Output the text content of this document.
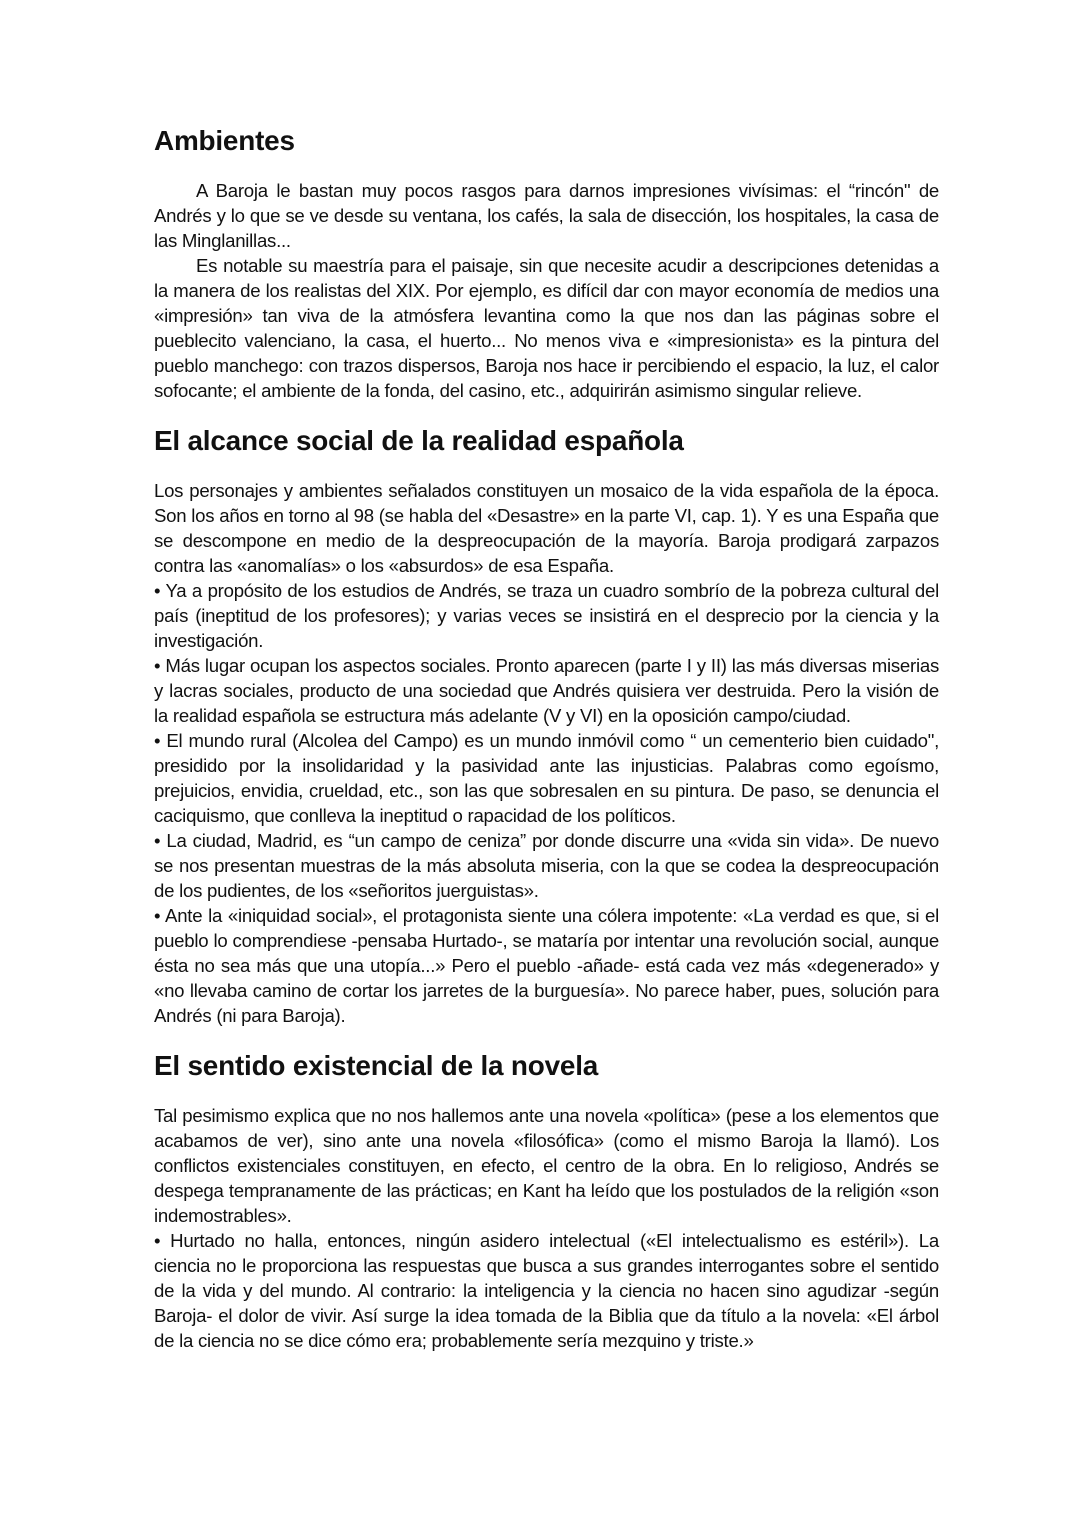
Ambientes

A Baroja le bastan muy pocos rasgos para darnos impresiones vivísimas: el “rincón" de Andrés y lo que se ve desde su ventana, los cafés, la sala de disección, los hospitales, la casa de las Minglanillas...

Es notable su maestría para el paisaje, sin que necesite acudir a descripciones detenidas a la manera de los realistas del XIX. Por ejemplo, es difícil dar con mayor economía de medios una «impresión» tan viva de la atmósfera levantina como la que nos dan las páginas sobre el pueblecito valenciano, la casa, el huerto... No menos viva e «impresionista» es la pintura del pueblo manchego: con trazos dispersos, Baroja nos hace ir percibiendo el espacio, la luz, el calor sofocante; el ambiente de la fonda, del casino, etc., adquirirán asimismo singular relieve.

El alcance social de la realidad española

Los personajes y ambientes señalados constituyen un mosaico de la vida española de la época. Son los años en torno al 98 (se habla del «Desastre» en la parte VI, cap. 1). Y es una España que se descompone en medio de la despreocupación de la mayoría. Baroja prodigará zarpazos contra las «anomalías» o los «absurdos» de esa España.

• Ya a propósito de los estudios de Andrés, se traza un cuadro sombrío de la pobreza cultural del país (ineptitud de los profesores); y varias veces se insistirá en el desprecio por la ciencia y la investigación.

• Más lugar ocupan los aspectos sociales. Pronto aparecen (parte I y II) las más diversas miserias y lacras sociales, producto de una sociedad que Andrés quisiera ver destruida. Pero la visión de la realidad española se estructura más adelante (V y VI) en la oposición campo/ciudad.

• El mundo rural (Alcolea del Campo) es un mundo inmóvil como “ un cementerio bien cuidado", presidido por la insolidaridad y la pasividad ante las injusticias. Palabras como egoísmo, prejuicios, envidia, crueldad, etc., son las que sobresalen en su pintura. De paso, se denuncia el caciquismo, que conlleva la ineptitud o rapacidad de los políticos.

• La ciudad, Madrid, es “un campo de ceniza” por donde discurre una «vida sin vida». De nuevo se nos presentan muestras de la más absoluta miseria, con la que se codea la despreocupación de los pudientes, de los «señoritos juerguistas».

• Ante la «iniquidad social», el protagonista siente una cólera impotente: «La verdad es que, si el pueblo lo comprendiese -pensaba Hurtado-, se mataría por intentar una revolución social, aunque ésta no sea más que una utopía...» Pero el pueblo -añade- está cada vez más «degenerado» y «no llevaba camino de cortar los jarretes de la burguesía». No parece haber, pues, solución para Andrés (ni para Baroja).

El sentido existencial de la novela

Tal pesimismo explica que no nos hallemos ante una novela «política» (pese a los elementos que acabamos de ver), sino ante una novela «filosófica» (como el mismo Baroja la llamó). Los conflictos existenciales constituyen, en efecto, el centro de la obra. En lo religioso, Andrés se despega tempranamente de las prácticas; en Kant ha leído que los postulados de la religión «son indemostrables».

• Hurtado no halla, entonces, ningún asidero intelectual («El intelectualismo es estéril»). La ciencia no le proporciona las respuestas que busca a sus grandes interrogantes sobre el sentido de la vida y del mundo. Al contrario: la inteligencia y la ciencia no hacen sino agudizar -según Baroja- el dolor de vivir. Así surge la idea tomada de la Biblia que da título a la novela: «El árbol de la ciencia no se dice cómo era; probablemente sería mezquino y triste.»
